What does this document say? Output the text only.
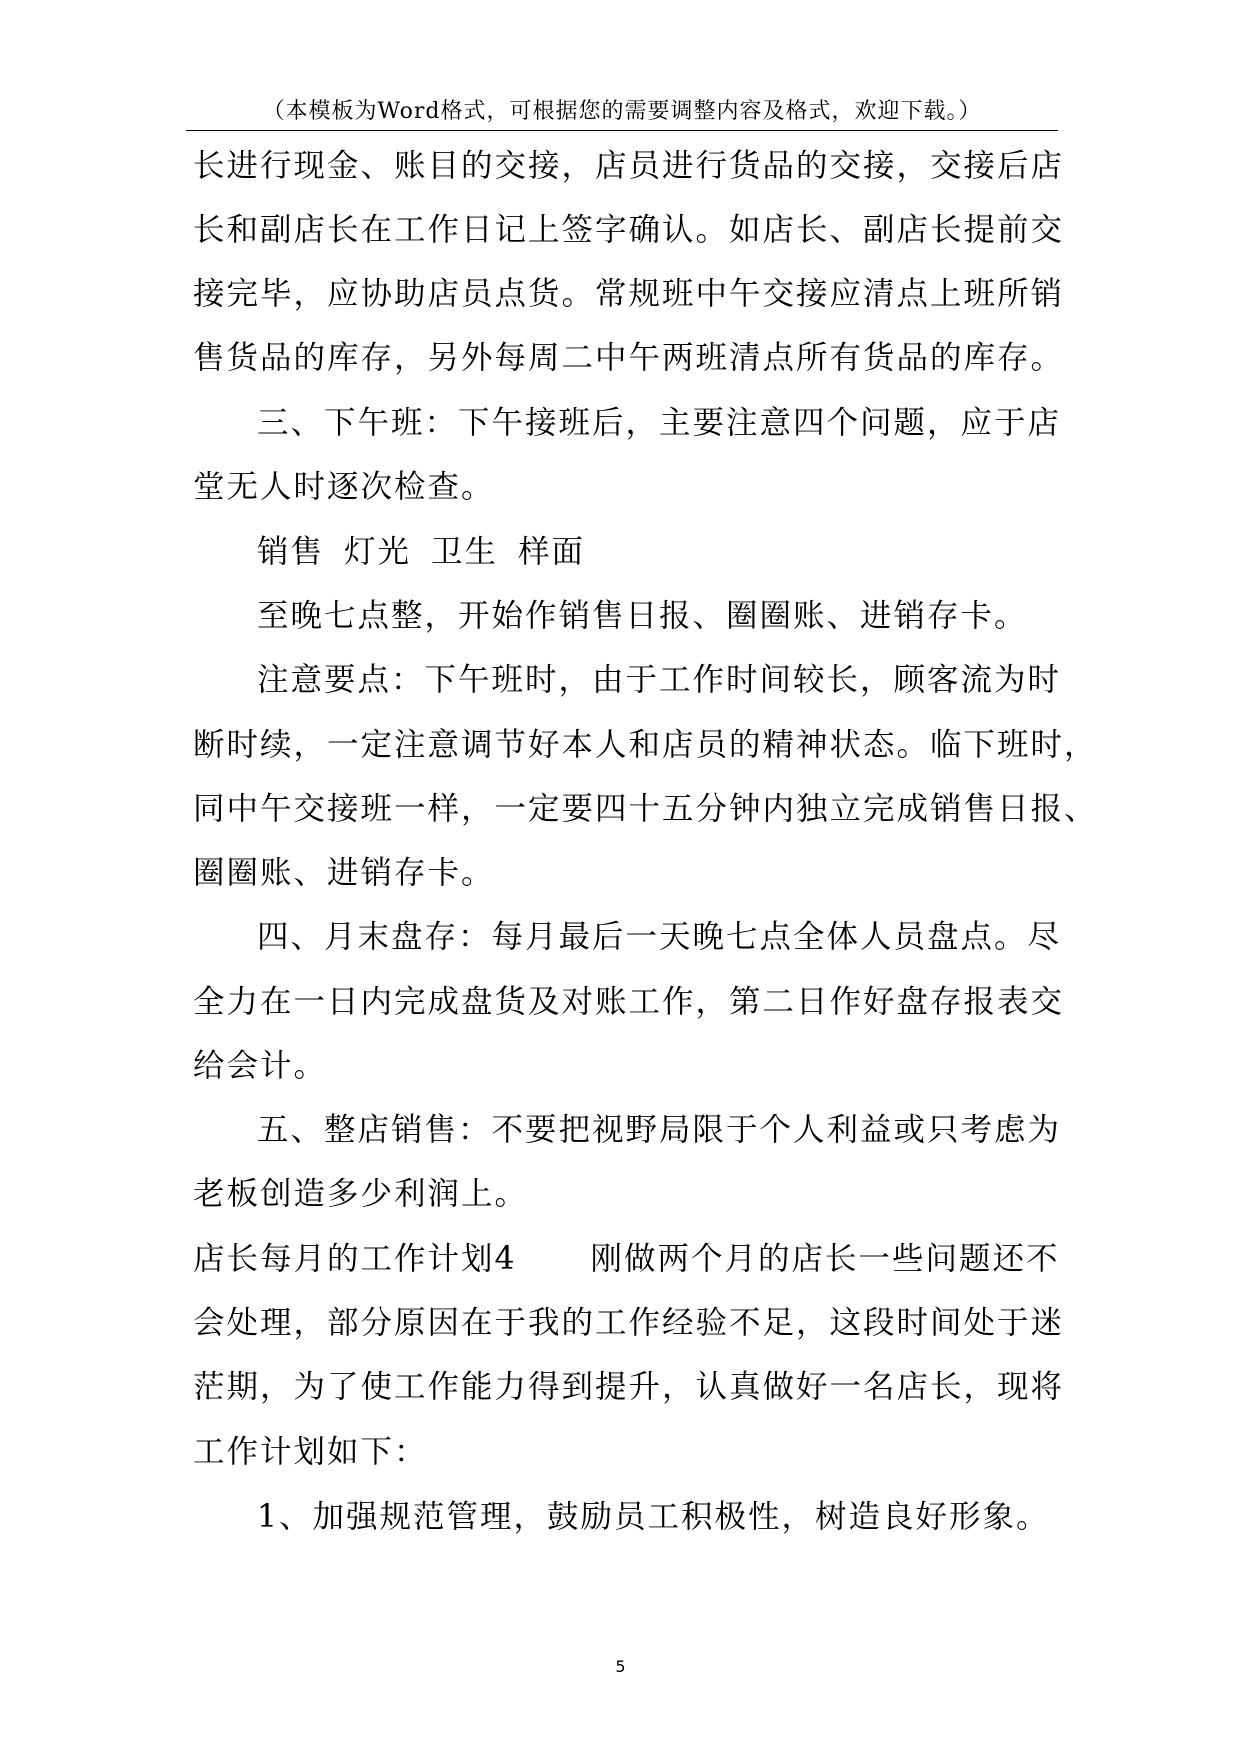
（本模板为Word格式，可根据您的需要调整内容及格式，欢迎下载。）
长进行现金、账目的交接，店员进行货品的交接，交接后店
长和副店长在工作日记上签字确认。如店长、副店长提前交
接完毕，应协助店员点货。常规班中午交接应清点上班所销
售货品的库存，另外每周二中午两班清点所有货品的库存。
三、下午班：下午接班后，主要注意四个问题，应于店
堂无人时逐次检查。
销售 灯光 卫生 样面
至晚七点整，开始作销售日报、圈圈账、进销存卡。
注意要点：下午班时，由于工作时间较长，顾客流为时
断时续，一定注意调节好本人和店员的精神状态。临下班时，
同中午交接班一样，一定要四十五分钟内独立完成销售日报、
圈圈账、进销存卡。
四、月末盘存：每月最后一天晚七点全体人员盘点。尽
全力在一日内完成盘货及对账工作，第二日作好盘存报表交
给会计。
五、整店销售：不要把视野局限于个人利益或只考虑为
老板创造多少利润上。
店长每月的工作计划4 刚做两个月的店长一些问题还不
会处理，部分原因在于我的工作经验不足，这段时间处于迷
茫期，为了使工作能力得到提升，认真做好一名店长，现将
工作计划如下：
1、加强规范管理，鼓励员工积极性，树造良好形象。
5
